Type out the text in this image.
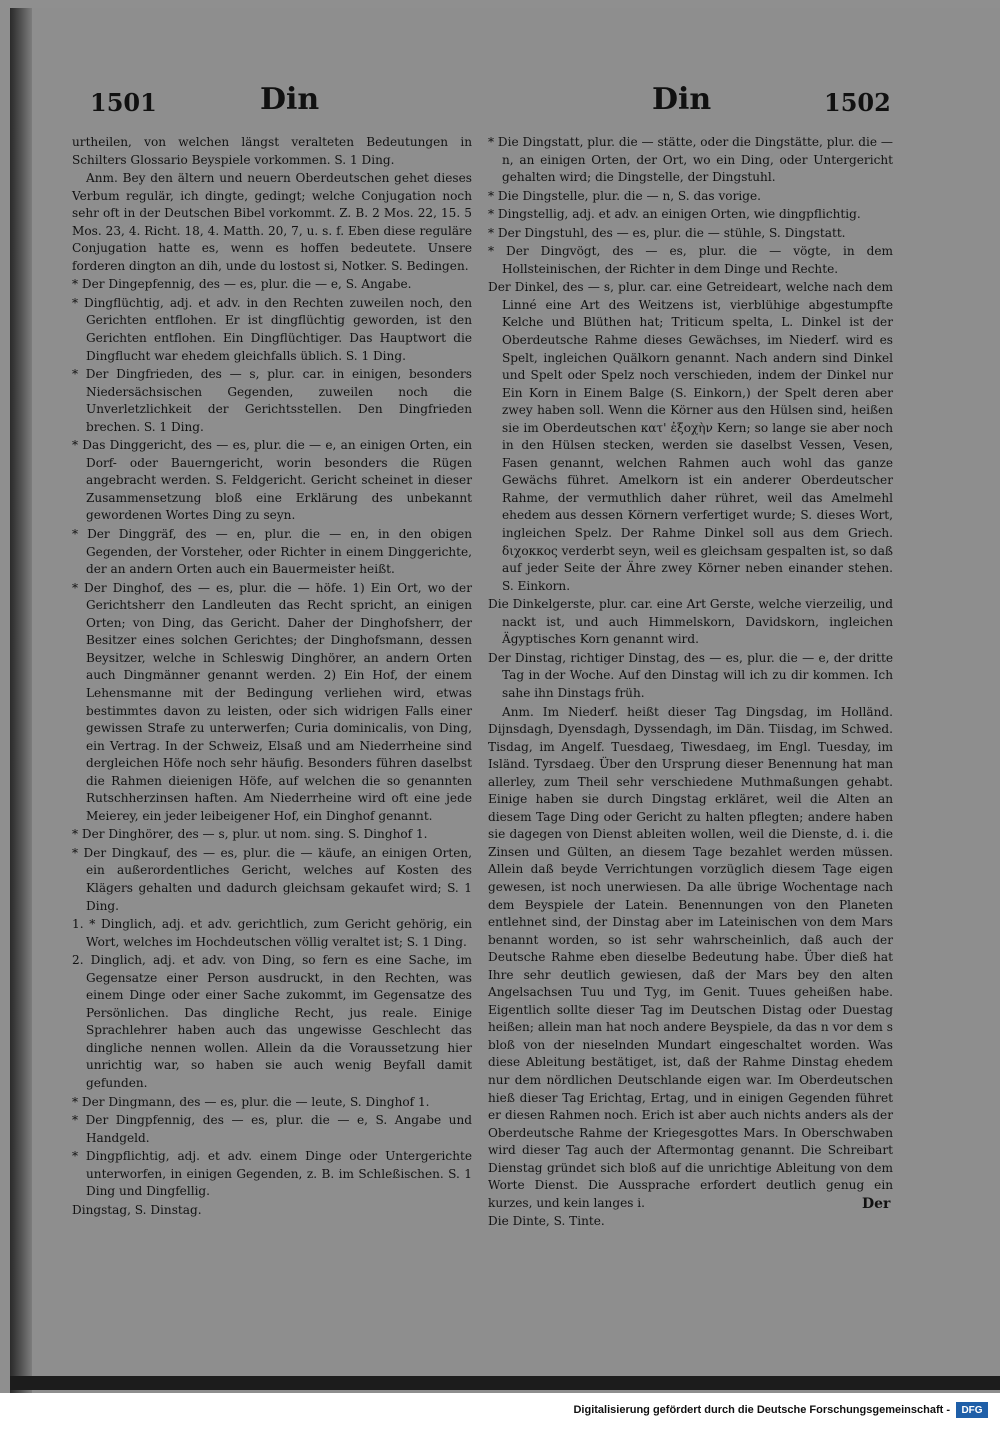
1501	Din	Din	1502

urtheilen, von welchen längst veralteten Bedeutungen in Schilters Glossario Beyspiele vorkommen. S. 1 Ding.

Anm. Bey den ältern und neuern Oberdeutschen gehet dieses Verbum regulär, ich dingte, gedingt; welche Conjugation noch sehr oft in der Deutschen Bibel vorkommt. Z. B. 2 Mos. 22, 15. 5 Mos. 23, 4. Richt. 18, 4. Matth. 20, 7, u. s. f. Eben diese reguläre Conjugation hatte es, wenn es hoffen bedeutete. Unsere forderen dington an dih, unde du lostost si, Notker. S. Bedingen.

* Der Dingepfennig, des — es, plur. die — e, S. Angabe.

* Dingflüchtig, adj. et adv. in den Rechten zuweilen noch, den Gerichten entflohen. Er ist dingflüchtig geworden, ist den Gerichten entflohen. Ein Dingflüchtiger. Das Hauptwort die Dingflucht war ehedem gleichfalls üblich. S. 1 Ding.

* Der Dingfrieden, des — s, plur. car. in einigen, besonders Niedersächsischen Gegenden, zuweilen noch die Unverletzlichkeit der Gerichtsstellen. Den Dingfrieden brechen. S. 1 Ding.

* Das Dinggericht, des — es, plur. die — e, an einigen Orten, ein Dorf- oder Bauerngericht, worin besonders die Rügen angebracht werden. S. Feldgericht. Gericht scheinet in dieser Zusammensetzung bloß eine Erklärung des unbekannt gewordenen Wortes Ding zu seyn.

* Der Dinggräf, des — en, plur. die — en, in den obigen Gegenden, der Vorsteher, oder Richter in einem Dinggerichte, der an andern Orten auch ein Bauermeister heißt.

* Der Dinghof, des — es, plur. die — höfe. 1) Ein Ort, wo der Gerichtsherr den Landleuten das Recht spricht, an einigen Orten; von Ding, das Gericht. Daher der Dinghofsherr, der Besitzer eines solchen Gerichtes; der Dinghofsmann, dessen Beysitzer, welche in Schleswig Dinghörer, an andern Orten auch Dingmänner genannt werden. 2) Ein Hof, der einem Lehensmanne mit der Bedingung verliehen wird, etwas bestimmtes davon zu leisten, oder sich widrigen Falls einer gewissen Strafe zu unterwerfen; Curia dominicalis, von Ding, ein Vertrag. In der Schweiz, Elsaß und am Niederrheine sind dergleichen Höfe noch sehr häufig. Besonders führen daselbst die Rahmen dieienigen Höfe, auf welchen die so genannten Rutschherzinsen haften. Am Niederrheine wird oft eine jede Meierey, ein jeder leibeigener Hof, ein Dinghof genannt.

* Der Dinghörer, des — s, plur. ut nom. sing. S. Dinghof 1.

* Der Dingkauf, des — es, plur. die — käufe, an einigen Orten, ein außerordentliches Gericht, welches auf Kosten des Klägers gehalten und dadurch gleichsam gekaufet wird; S. 1 Ding.

1. * Dinglich, adj. et adv. gerichtlich, zum Gericht gehörig, ein Wort, welches im Hochdeutschen völlig veraltet ist; S. 1 Ding.

2. Dinglich, adj. et adv. von Ding, so fern es eine Sache, im Gegensatze einer Person ausdruckt, in den Rechten, was einem Dinge oder einer Sache zukommt, im Gegensatze des Persönlichen. Das dingliche Recht, jus reale. Einige Sprachlehrer haben auch das ungewisse Geschlecht das dingliche nennen wollen. Allein da die Voraussetzung hier unrichtig war, so haben sie auch wenig Beyfall damit gefunden.

* Der Dingmann, des — es, plur. die — leute, S. Dinghof 1.

* Der Dingpfennig, des — es, plur. die — e, S. Angabe und Handgeld.

* Dingpflichtig, adj. et adv. einem Dinge oder Untergerichte unterworfen, in einigen Gegenden, z. B. im Schleßischen. S. 1 Ding und Dingfellig.

Dingstag, S. Dinstag.

* Die Dingstatt, plur. die — stätte, oder die Dingstätte, plur. die — n, an einigen Orten, der Ort, wo ein Ding, oder Untergericht gehalten wird; die Dingstelle, der Dingstuhl.

* Die Dingstelle, plur. die — n, S. das vorige.

* Dingstellig, adj. et adv. an einigen Orten, wie dingpflichtig.

* Der Dingstuhl, des — es, plur. die — stühle, S. Dingstatt.

* Der Dingvögt, des — es, plur. die — vögte, in dem Hollsteinischen, der Richter in dem Dinge und Rechte.

Der Dinkel, des — s, plur. car. eine Getreideart, welche nach dem Linné eine Art des Weitzens ist, vierblühige abgestumpfte Kelche und Blüthen hat; Triticum spelta, L. Dinkel ist der Oberdeutsche Rahme dieses Gewächses, im Niederf. wird es Spelt, ingleichen Quälkorn genannt. Nach andern sind Dinkel und Spelt oder Spelz noch verschieden, indem der Dinkel nur Ein Korn in Einem Balge (S. Einkorn,) der Spelt deren aber zwey haben soll. Wenn die Körner aus den Hülsen sind, heißen sie im Oberdeutschen κατ' ἐξοχὴν Kern; so lange sie aber noch in den Hülsen stecken, werden sie daselbst Vessen, Vesen, Fasen genannt, welchen Rahmen auch wohl das ganze Gewächs führet. Amelkorn ist ein anderer Oberdeutscher Rahme, der vermuthlich daher rühret, weil das Amelmehl ehedem aus dessen Körnern verfertiget wurde; S. dieses Wort, ingleichen Spelz. Der Rahme Dinkel soll aus dem Griech. διχοκκος verderbt seyn, weil es gleichsam gespalten ist, so daß auf jeder Seite der Ähre zwey Körner neben einander stehen. S. Einkorn.

Die Dinkelgerste, plur. car. eine Art Gerste, welche vierzeilig, und nackt ist, und auch Himmelskorn, Davidskorn, ingleichen Ägyptisches Korn genannt wird.

Der Dinstag, richtiger Dinstag, des — es, plur. die — e, der dritte Tag in der Woche. Auf den Dinstag will ich zu dir kommen. Ich sahe ihn Dinstags früh.

Anm. Im Niederf. heißt dieser Tag Dingsdag, im Holländ. Dijnsdagh, Dyensdagh, Dyssendagh, im Dän. Tiisdag, im Schwed. Tisdag, im Angelf. Tuesdaeg, Tiwesdaeg, im Engl. Tuesday, im Isländ. Tyrsdaeg. Über den Ursprung dieser Benennung hat man allerley, zum Theil sehr verschiedene Muthmaßungen gehabt. Einige haben sie durch Dingstag erkläret, weil die Alten an diesem Tage Ding oder Gericht zu halten pflegten; andere haben sie dagegen von Dienst ableiten wollen, weil die Dienste, d. i. die Zinsen und Gülten, an diesem Tage bezahlet werden müssen. Allein daß beyde Verrichtungen vorzüglich diesem Tage eigen gewesen, ist noch unerwiesen. Da alle übrige Wochentage nach dem Beyspiele der Latein. Benennungen von den Planeten entlehnet sind, der Dinstag aber im Lateinischen von dem Mars benannt worden, so ist sehr wahrscheinlich, daß auch der Deutsche Rahme eben dieselbe Bedeutung habe. Über dieß hat Ihre sehr deutlich gewiesen, daß der Mars bey den alten Angelsachsen Tuu und Tyg, im Genit. Tuues geheißen habe. Eigentlich sollte dieser Tag im Deutschen Distag oder Duestag heißen; allein man hat noch andere Beyspiele, da das n vor dem s bloß von der nieselnden Mundart eingeschaltet worden. Was diese Ableitung bestätiget, ist, daß der Rahme Dinstag ehedem nur dem nördlichen Deutschlande eigen war. Im Oberdeutschen hieß dieser Tag Erichtag, Ertag, und in einigen Gegenden führet er diesen Rahmen noch. Erich ist aber auch nichts anders als der Oberdeutsche Rahme der Kriegesgottes Mars. In Oberschwaben wird dieser Tag auch der Aftermontag genannt. Die Schreibart Dienstag gründet sich bloß auf die unrichtige Ableitung von dem Worte Dienst. Die Aussprache erfordert deutlich genug ein kurzes, und kein langes i.

Die Dinte, S. Tinte.

Der
Digitalisierung gefördert durch die Deutsche Forschungsgemeinschaft -	DFG
